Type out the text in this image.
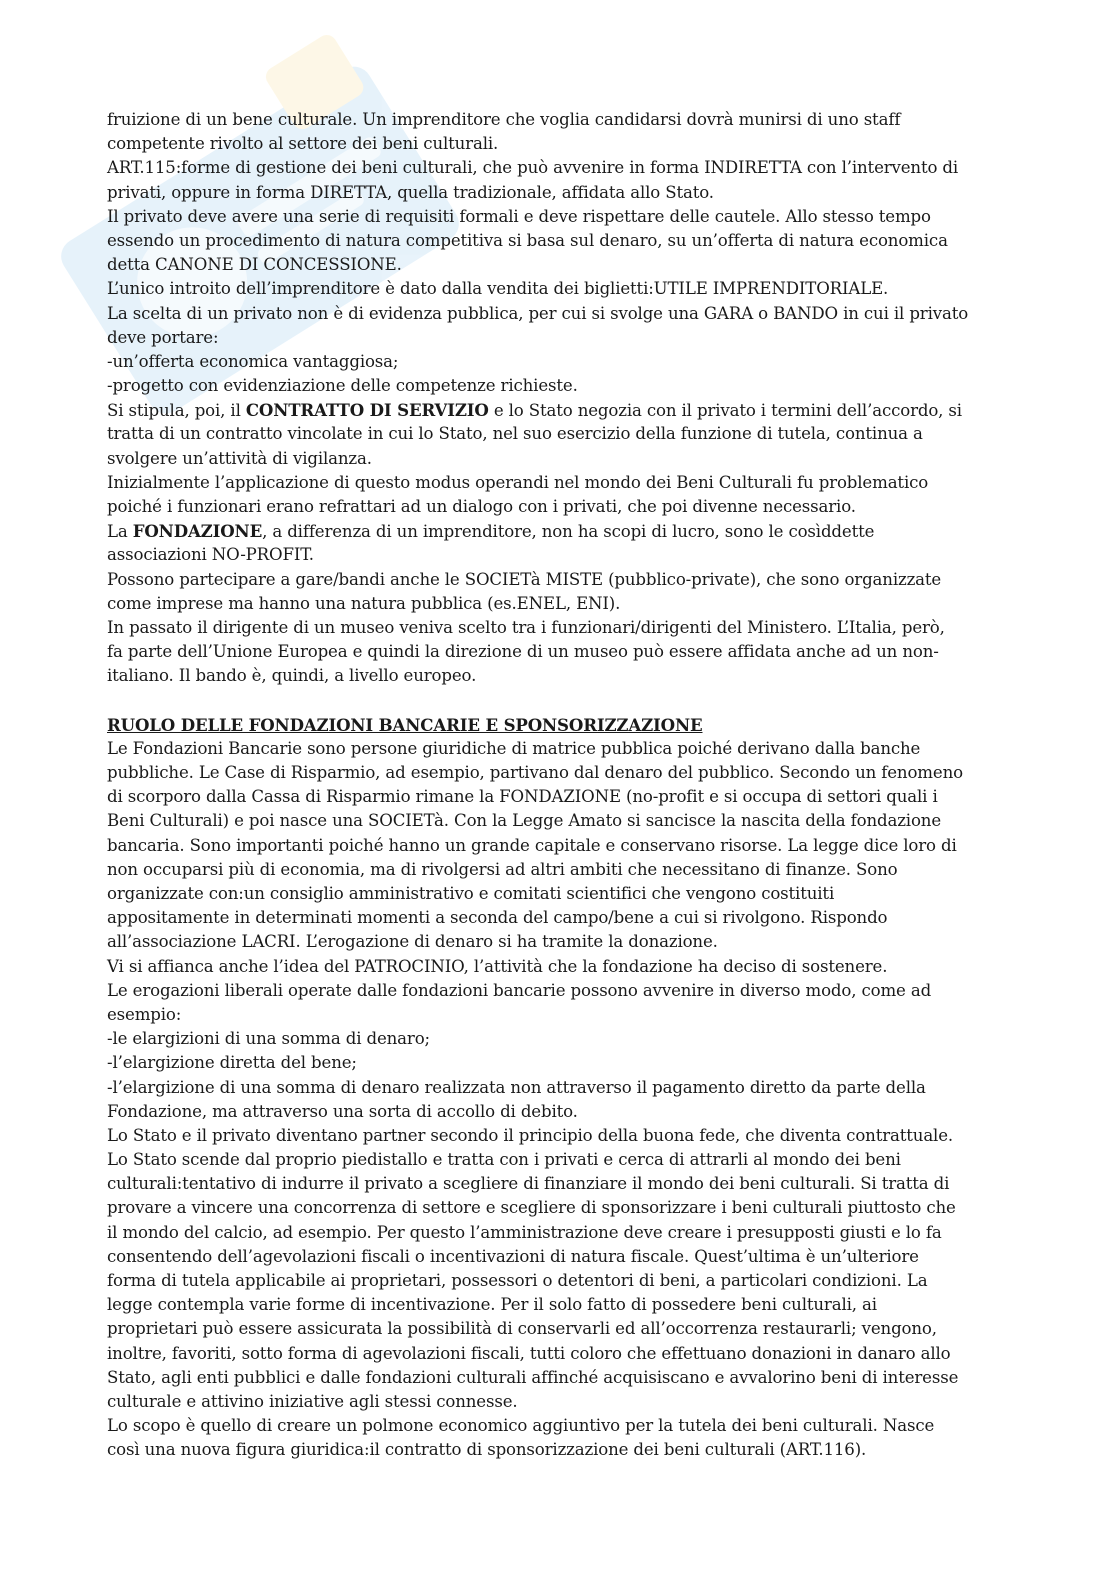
fruizione di un bene culturale. Un imprenditore che voglia candidarsi dovrà munirsi di uno staff
competente rivolto al settore dei beni culturali.
ART.115:forme di gestione dei beni culturali, che può avvenire in forma INDIRETTA con l’intervento di
privati, oppure in forma DIRETTA, quella tradizionale, affidata allo Stato.
Il privato deve avere una serie di requisiti formali e deve rispettare delle cautele. Allo stesso tempo
essendo un procedimento di natura competitiva si basa sul denaro, su un’offerta di natura economica
detta CANONE DI CONCESSIONE.
L’unico introito dell’imprenditore è dato dalla vendita dei biglietti:UTILE IMPRENDITORIALE.
La scelta di un privato non è di evidenza pubblica, per cui si svolge una GARA o BANDO in cui il privato
deve portare:
-un’offerta economica vantaggiosa;
-progetto con evidenziazione delle competenze richieste.
Si stipula, poi, il CONTRATTO DI SERVIZIO e lo Stato negozia con il privato i termini dell’accordo, si
tratta di un contratto vincolate in cui lo Stato, nel suo esercizio della funzione di tutela, continua a
svolgere un’attività di vigilanza.
Inizialmente l’applicazione di questo modus operandi nel mondo dei Beni Culturali fu problematico
poiché i funzionari erano refrattari ad un dialogo con i privati, che poi divenne necessario.
La FONDAZIONE, a differenza di un imprenditore, non ha scopi di lucro, sono le cosìddette
associazioni NO-PROFIT.
Possono partecipare a gare/bandi anche le SOCIETà MISTE (pubblico-private), che sono organizzate
come imprese ma hanno una natura pubblica (es.ENEL, ENI).
In passato il dirigente di un museo veniva scelto tra i funzionari/dirigenti del Ministero. L’Italia, però,
fa parte dell’Unione Europea e quindi la direzione di un museo può essere affidata anche ad un non-
italiano. Il bando è, quindi, a livello europeo.
RUOLO DELLE FONDAZIONI BANCARIE E SPONSORIZZAZIONE
Le Fondazioni Bancarie sono persone giuridiche di matrice pubblica poiché derivano dalla banche
pubbliche. Le Case di Risparmio, ad esempio, partivano dal denaro del pubblico. Secondo un fenomeno
di scorporo dalla Cassa di Risparmio rimane la FONDAZIONE (no-profit e si occupa di settori quali i
Beni Culturali) e poi nasce una SOCIETà. Con la Legge Amato si sancisce la nascita della fondazione
bancaria. Sono importanti poiché hanno un grande capitale e conservano risorse. La legge dice loro di
non occuparsi più di economia, ma di rivolgersi ad altri ambiti che necessitano di finanze. Sono
organizzate con:un consiglio amministrativo e comitati scientifici che vengono costituiti
appositamente in determinati momenti a seconda del campo/bene a cui si rivolgono. Rispondo
all’associazione LACRI. L’erogazione di denaro si ha tramite la donazione.
Vi si affianca anche l’idea del PATROCINIO, l’attività che la fondazione ha deciso di sostenere.
Le erogazioni liberali operate dalle fondazioni bancarie possono avvenire in diverso modo, come ad
esempio:
-le elargizioni di una somma di denaro;
-l’elargizione diretta del bene;
-l’elargizione di una somma di denaro realizzata non attraverso il pagamento diretto da parte della
Fondazione, ma attraverso una sorta di accollo di debito.
Lo Stato e il privato diventano partner secondo il principio della buona fede, che diventa contrattuale.
Lo Stato scende dal proprio piedistallo e tratta con i privati e cerca di attrarli al mondo dei beni
culturali:tentativo di indurre il privato a scegliere di finanziare il mondo dei beni culturali. Si tratta di
provare a vincere una concorrenza di settore e scegliere di sponsorizzare i beni culturali piuttosto che
il mondo del calcio, ad esempio. Per questo l’amministrazione deve creare i presupposti giusti e lo fa
consentendo dell’agevolazioni fiscali o incentivazioni di natura fiscale. Quest’ultima è un’ulteriore
forma di tutela applicabile ai proprietari, possessori o detentori di beni, a particolari condizioni. La
legge contempla varie forme di incentivazione. Per il solo fatto di possedere beni culturali, ai
proprietari può essere assicurata la possibilità di conservarli ed all’occorrenza restaurarli; vengono,
inoltre, favoriti, sotto forma di agevolazioni fiscali, tutti coloro che effettuano donazioni in danaro allo
Stato, agli enti pubblici e dalle fondazioni culturali affinché acquisiscano e avvalorino beni di interesse
culturale e attivino iniziative agli stessi connesse.
Lo scopo è quello di creare un polmone economico aggiuntivo per la tutela dei beni culturali. Nasce
così una nuova figura giuridica:il contratto di sponsorizzazione dei beni culturali (ART.116).
